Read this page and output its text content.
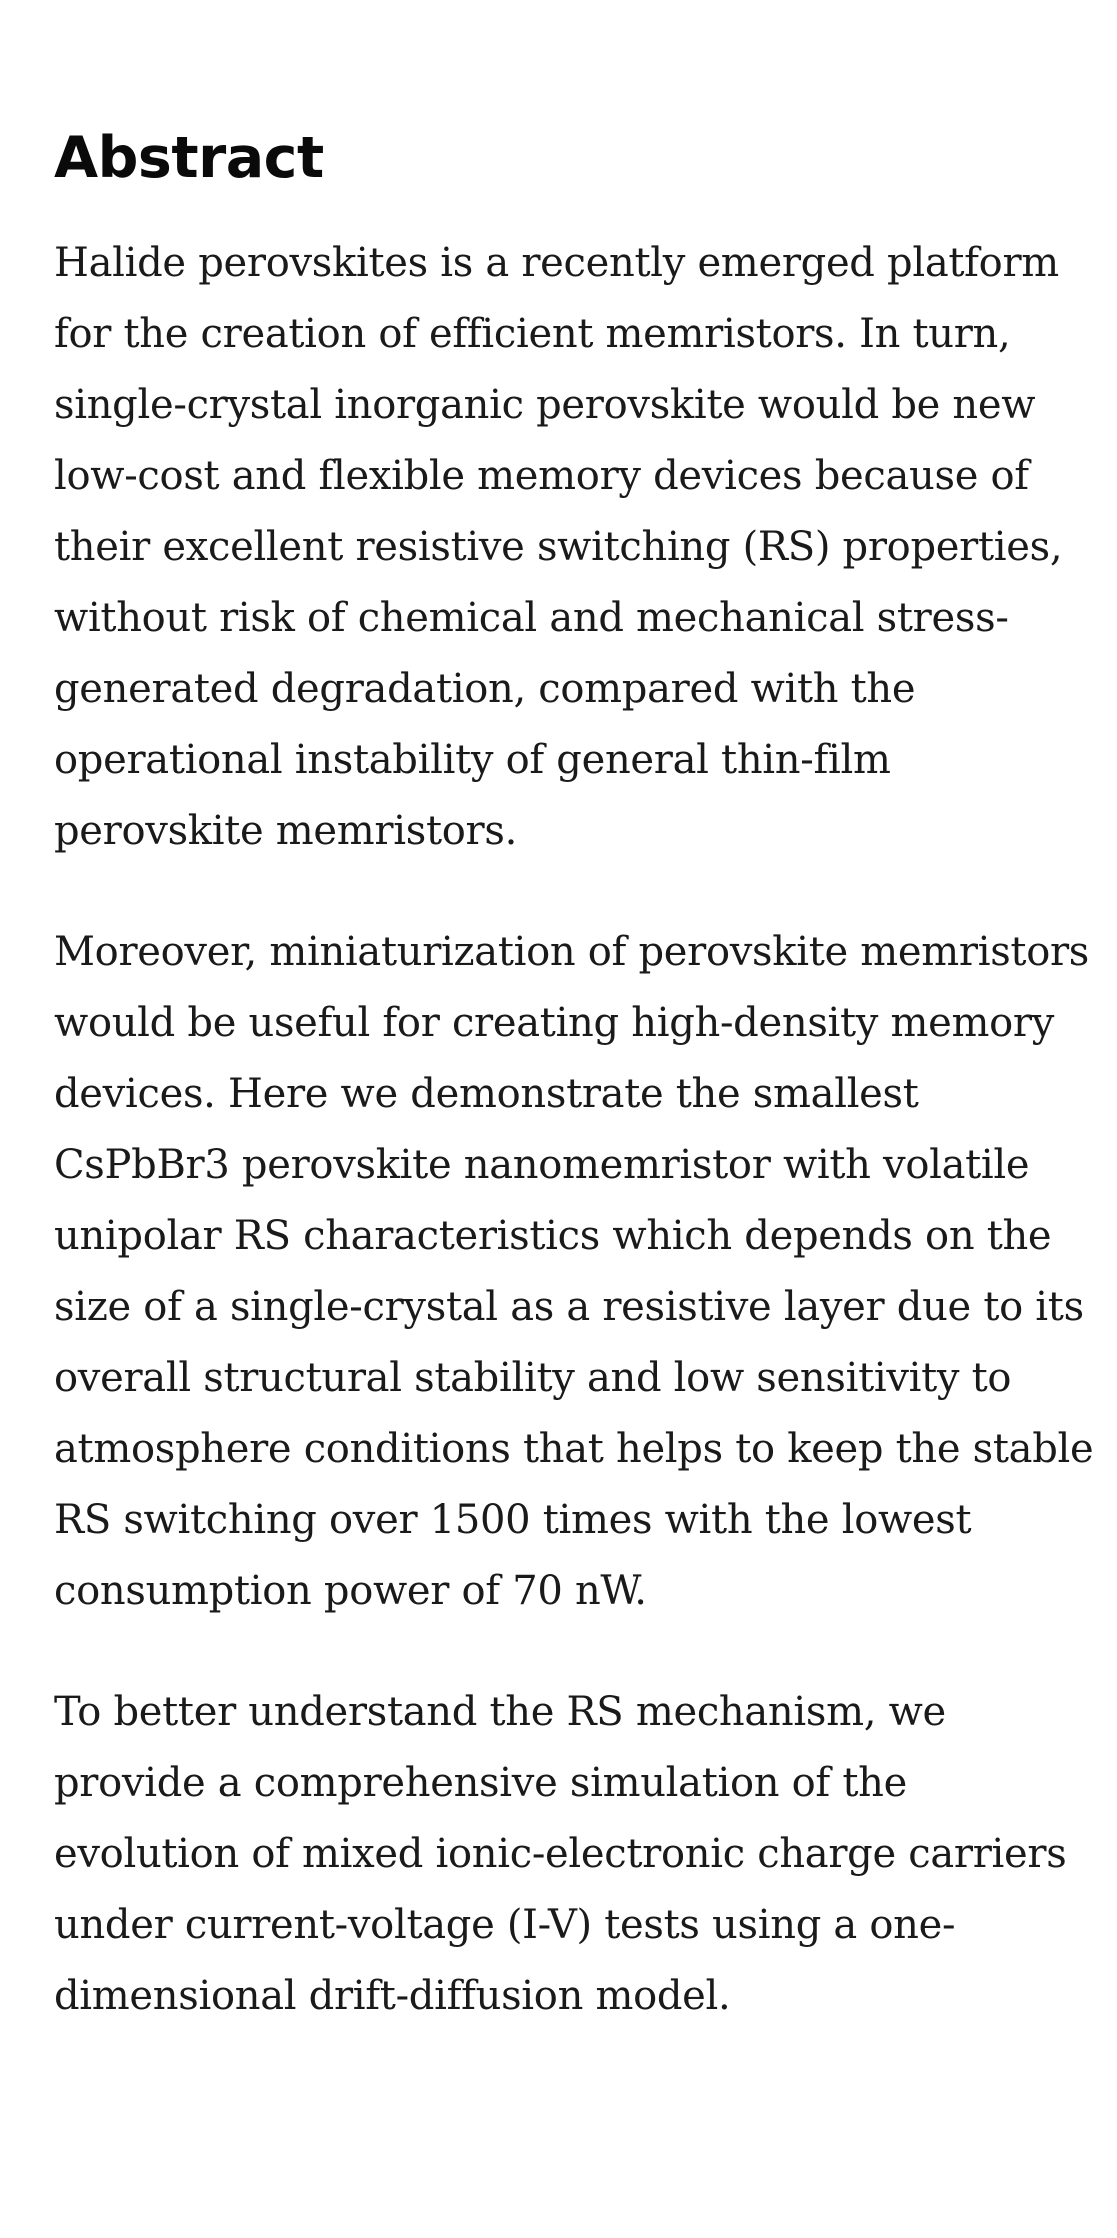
Abstract

Halide perovskites is a recently emerged platform for the creation of efficient memristors. In turn, single-crystal inorganic perovskite would be new low-cost and flexible memory devices because of their excellent resistive switching (RS) properties, without risk of chemical and mechanical stress-generated degradation, compared with the operational instability of general thin-film perovskite memristors.

Moreover, miniaturization of perovskite memristors would be useful for creating high-density memory devices. Here we demonstrate the smallest CsPbBr3 perovskite nanomemristor with volatile unipolar RS characteristics which depends on the size of a single-crystal as a resistive layer due to its overall structural stability and low sensitivity to atmosphere conditions that helps to keep the stable RS switching over 1500 times with the lowest consumption power of 70 nW.

To better understand the RS mechanism, we provide a comprehensive simulation of the evolution of mixed ionic-electronic charge carriers under current-voltage (I-V) tests using a one-dimensional drift-diffusion model.
